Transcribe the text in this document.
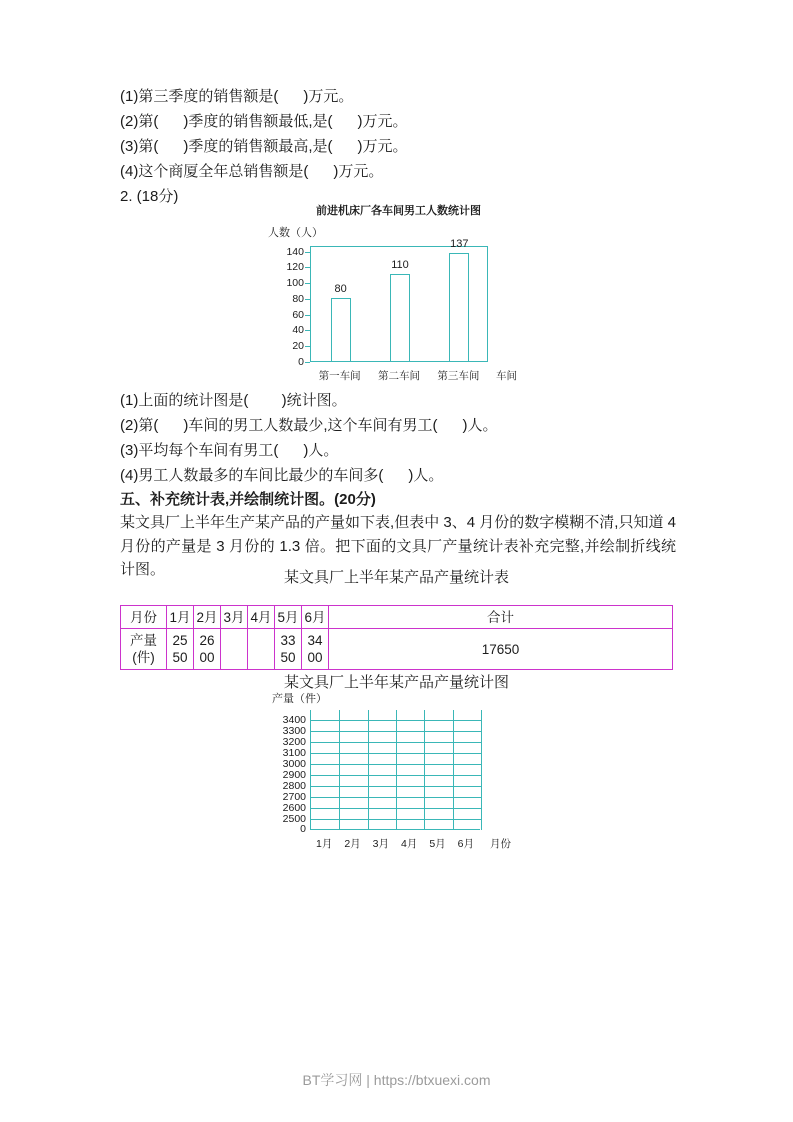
(1)第三季度的销售额是(      )万元。
(2)第(      )季度的销售额最低,是(      )万元。
(3)第(      )季度的销售额最高,是(      )万元。
(4)这个商厦全年总销售额是(      )万元。
2. (18分)
前进机床厂各车间男工人数统计图
人数（人）
80
110
137
0
20
40
60
80
100
120
140
第一车间	第二车间	第三车间	车间
(1)上面的统计图是(        )统计图。
(2)第(      )车间的男工人数最少,这个车间有男工(      )人。
(3)平均每个车间有男工(      )人。
(4)男工人数最多的车间比最少的车间多(      )人。
五、补充统计表,并绘制统计图。(20分)
某文具厂上半年生产某产品的产量如下表,但表中 3、4 月份的数字模糊不清,只知道 4 月份的产量是 3 月份的 1.3 倍。把下面的文具厂产量统计表补充完整,并绘制折线统计图。	某文具厂上半年某产品产量统计表
月份	1月	2月	3月	4月	5月	6月	合计
产量(件)	2550	2600			3350	3400	17650
某文具厂上半年某产品产量统计图
产量（件）
3400
3300
3200
3100
3000
2900
2800
2700
2600
2500
0
1月	2月	3月	4月	5月	6月	月份
BT学习网 | https://btxuexi.com
